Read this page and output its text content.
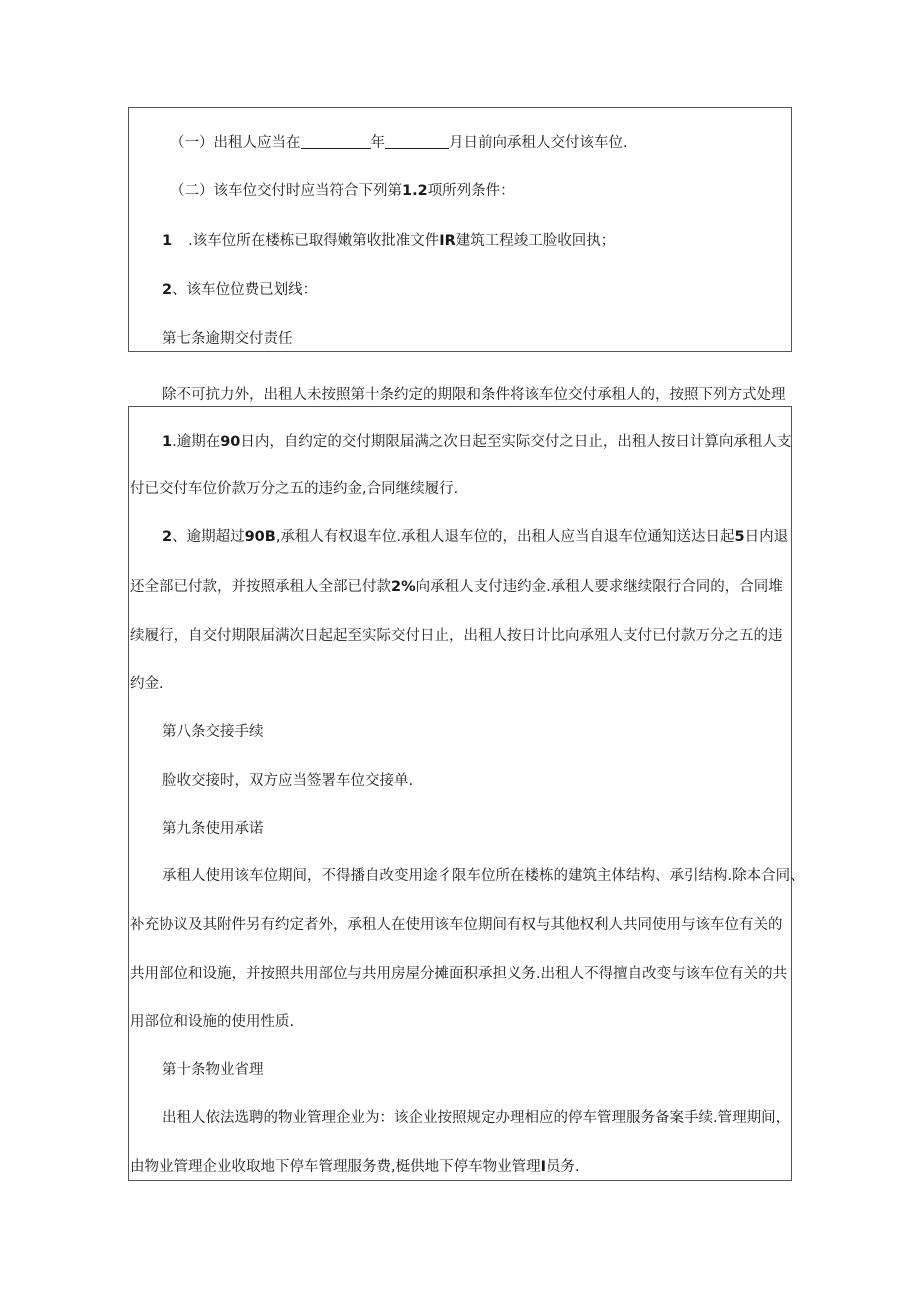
（一）出租人应当在	年	月日前向承租人交付该车位.
（二）该车位交付时应当符合下列第1.2项所列条件：
1 .该车位所在楼栋已取得嫩第收批准文件IR建筑工程竣工脸收回执；
2、该车位位费已划线：
第七条逾期交付责任
除不可抗力外，出租人未按照第十条约定的期限和条件将该车位交付承租人的，按照下列方式处理
1.逾期在90日内，自约定的交付期限届满之次日起至实际交付之日止，出租人按日计算向承租人支
付已交付车位价款万分之五的违约金,合同继续履行.
2、逾期超过90B,承租人有权退车位.承租人退车位的，出租人应当自退车位通知送达日起5日内退
还全部已付款，并按照承租人全部已付款2%向承租人支付违约金.承租人要求继续限行合同的，合同堆
续履行，自交付期限届满次日起起至实际交付日止，出租人按日计比向承殂人支付已付款万分之五的违
约金.
第八条交接手续
脸收交接时，双方应当签署车位交接单.
第九条使用承诺
承租人使用该车位期间，不得播自改变用途彳限车位所在楼栋的建筑主体结构、承引结构.除本合同、
补充协议及其附件另有约定者外，承租人在使用该车位期间有权与其他权利人共同使用与该车位有关的
共用部位和设施，并按照共用部位与共用房屋分摊面积承担义务.出租人不得擅自改变与该车位有关的共
用部位和设施的使用性质.
第十条物业省理
出租人依法选聘的物业管理企业为：该企业按照规定办理相应的停车管理服务备案手续.管理期间，
由物业管理企业收取地下停车管理服务费,梃供地下停车物业管理I员务.
